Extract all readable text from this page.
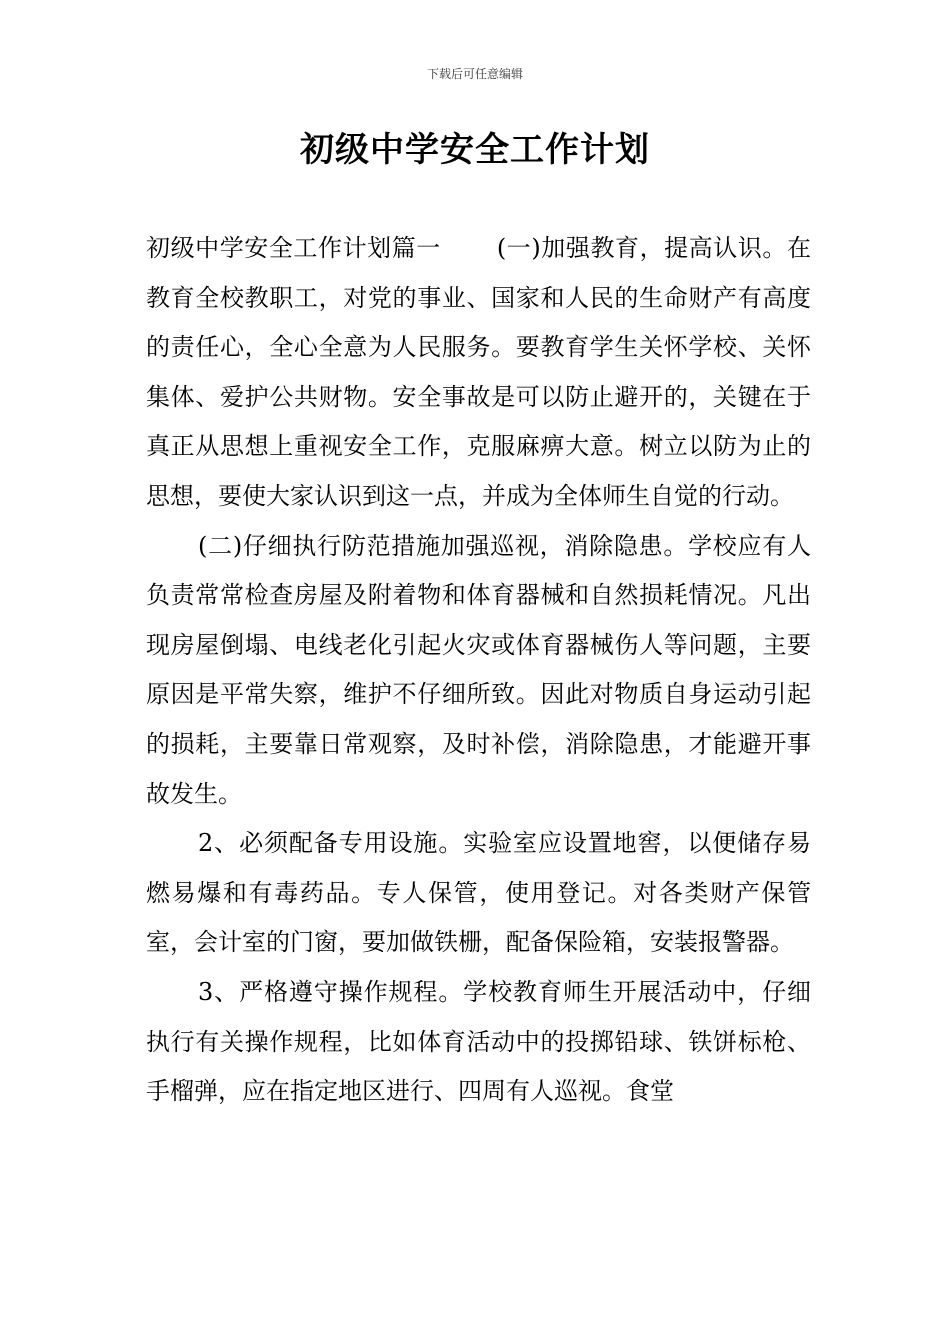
下载后可任意编辑
初级中学安全工作计划

初级中学安全工作计划篇一 (一)加强教育，提高认识。在教育全校教职工，对党的事业、国家和人民的生命财产有高度的责任心，全心全意为人民服务。要教育学生关怀学校、关怀集体、爱护公共财物。安全事故是可以防止避开的，关键在于真正从思想上重视安全工作，克服麻痹大意。树立以防为止的思想，要使大家认识到这一点，并成为全体师生自觉的行动。

(二)仔细执行防范措施加强巡视，消除隐患。学校应有人负责常常检查房屋及附着物和体育器械和自然损耗情况。凡出现房屋倒塌、电线老化引起火灾或体育器械伤人等问题，主要原因是平常失察，维护不仔细所致。因此对物质自身运动引起的损耗，主要靠日常观察，及时补偿，消除隐患，才能避开事故发生。

2、必须配备专用设施。实验室应设置地窖，以便储存易燃易爆和有毒药品。专人保管，使用登记。对各类财产保管室，会计室的门窗，要加做铁栅，配备保险箱，安装报警器。

3、严格遵守操作规程。学校教育师生开展活动中，仔细执行有关操作规程，比如体育活动中的投掷铅球、铁饼标枪、手榴弹，应在指定地区进行、四周有人巡视。食堂
